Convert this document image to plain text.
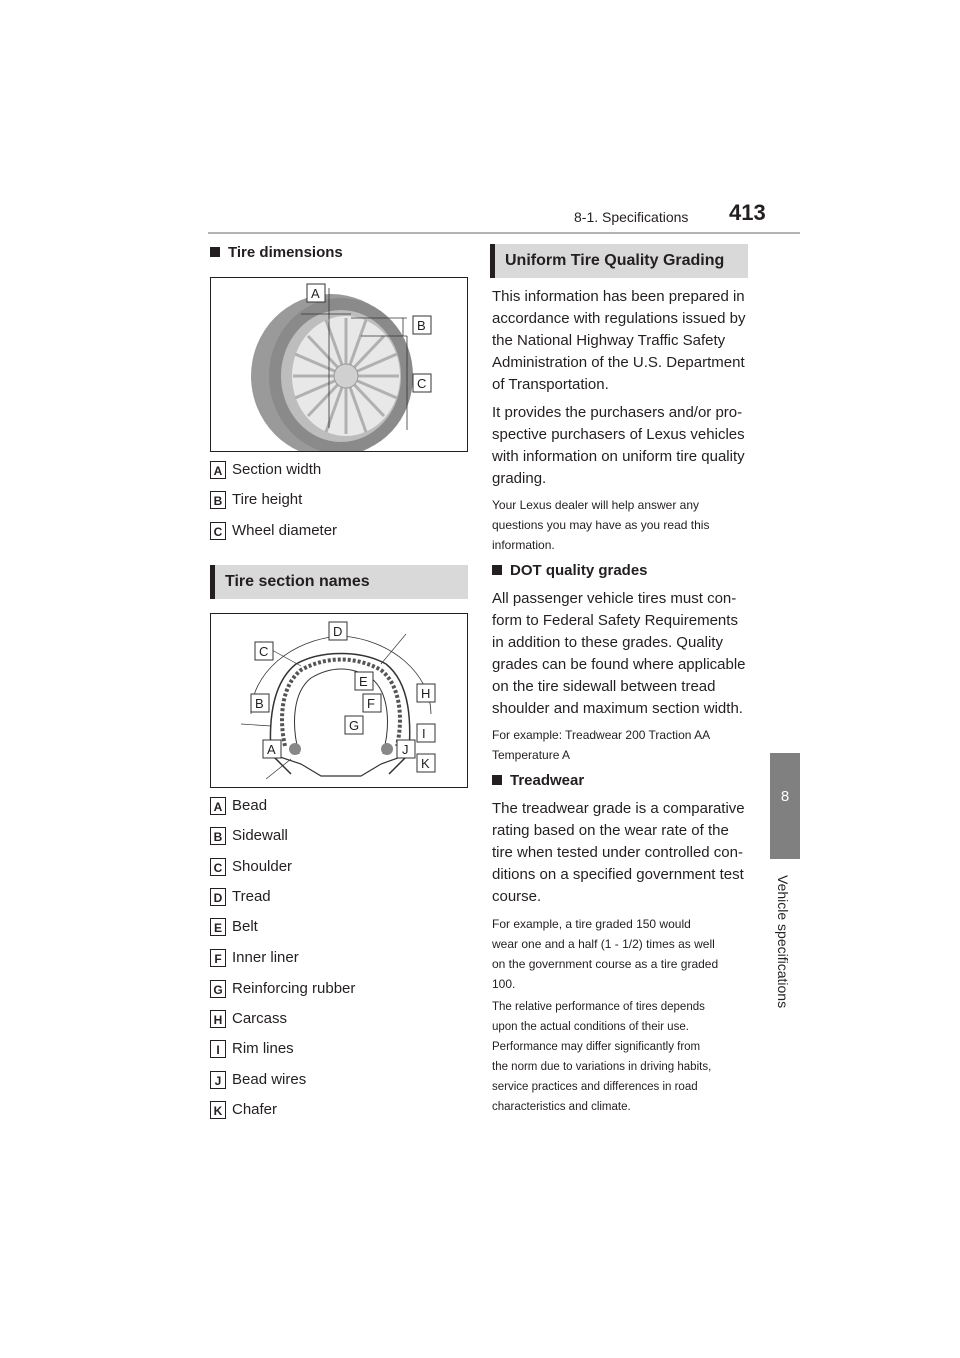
8-1. Specifications 413
8
Vehicle specifications
Tire dimensions
A
B
C
A Section width
B Tire height
C Wheel diameter
Tire section names
D
C
E
H
B	F
G
I
A	J
K
A Bead
B Sidewall
C Shoulder
D Tread
E Belt
F Inner liner
G Reinforcing rubber
H Carcass
I Rim lines
J Bead wires
K Chafer
Uniform Tire Quality Grading
This information has been prepared in
accordance with regulations issued by
the National Highway Traffic Safety
Administration of the U.S. Department
of Transportation.
It provides the purchasers and/or pro-
spective purchasers of Lexus vehicles
with information on uniform tire quality
grading.
Your Lexus dealer will help answer any
questions you may have as you read this
information.
DOT quality grades
All passenger vehicle tires must con-
form to Federal Safety Requirements
in addition to these grades. Quality
grades can be found where applicable
on the tire sidewall between tread
shoulder and maximum section width.
For example: Treadwear 200 Traction AA
Temperature A
Treadwear
The treadwear grade is a comparative
rating based on the wear rate of the
tire when tested under controlled con-
ditions on a specified government test
course.
For example, a tire graded 150 would
wear one and a half (1 - 1/2) times as well
on the government course as a tire graded
100.
The relative performance of tires depends
upon the actual conditions of their use.
Performance may differ significantly from
the norm due to variations in driving habits,
service practices and differences in road
characteristics and climate.
